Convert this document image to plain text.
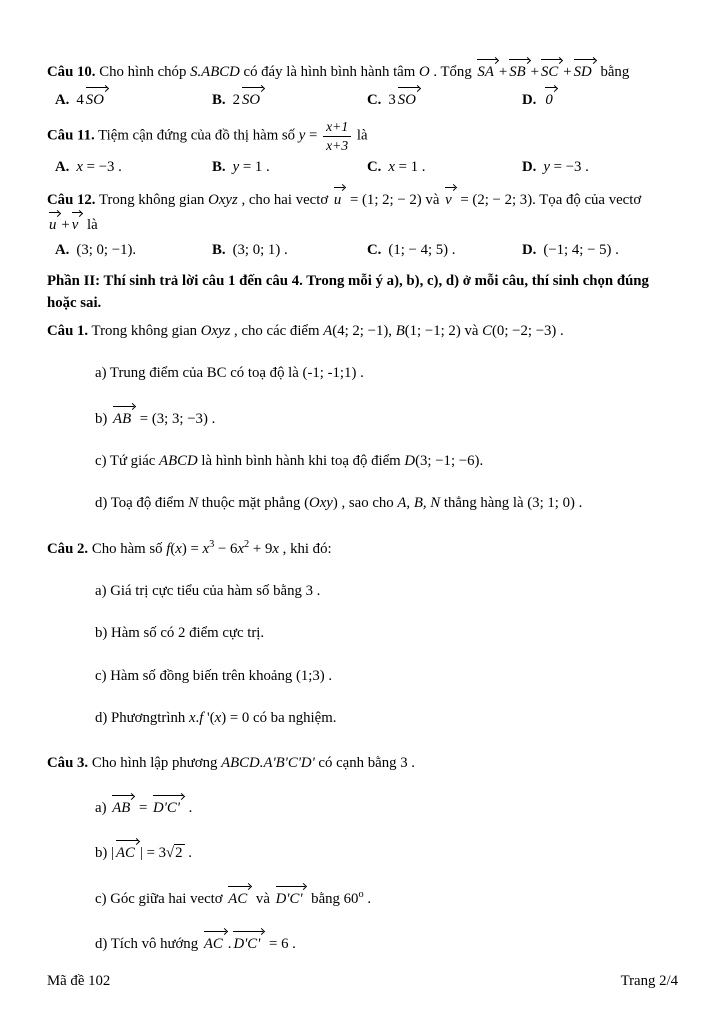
Câu 10. Cho hình chóp S.ABCD có đáy là hình bình hành tâm O . Tổng SA + SB + SC + SD bằng
A. 4 SO	B. 2 SO	C. 3 SO	D. 0
Câu 11. Tiệm cận đứng của đồ thị hàm số $y = \frac{x+1}{x+3}$ là
A. x = −3 .	B. y = 1 .	C. x = 1 .	D. y = −3 .
Câu 12. Trong không gian Oxyz , cho hai vectơ u = (1; 2; − 2) và v = (2; − 2; 3). Tọa độ của vectơ
u + v là
A. (3; 0; −1).	B. (3; 0; 1) .	C. (1; − 4; 5) .	D. (−1; 4; − 5) .
Phần II: Thí sinh trả lời câu 1 đến câu 4. Trong mỗi ý a), b), c), d) ở mỗi câu, thí sinh chọn đúng hoặc sai.
Câu 1. Trong không gian Oxyz , cho các điểm A(4; 2; −1), B(1; −1; 2) và C(0; −2; −3) .
a) Trung điểm của BC có toạ độ là (-1; -1;1) .
b) AB = (3; 3; −3) .
c) Tứ giác ABCD là hình bình hành khi toạ độ điểm D(3; −1; −6).
d) Toạ độ điểm N thuộc mặt phẳng (Oxy) , sao cho A, B, N thẳng hàng là (3; 1; 0) .
Câu 2. Cho hàm số $f(x) = x^3 - 6x^2 + 9x$ , khi đó:
a) Giá trị cực tiểu của hàm số bằng 3 .
b) Hàm số có 2 điểm cực trị.
c) Hàm số đồng biến trên khoảng (1;3) .
d) Phươngtrình x.f '(x) = 0 có ba nghiệm.
Câu 3. Cho hình lập phương ABCD.A'B'C'D' có cạnh bằng 3 .
a) AB = D'C' .
b) | AC | = 3√2 .
c) Góc giữa hai vectơ AC và D'C' bằng 60$^o$ .
d) Tích vô hướng AC . D'C' = 6 .
Mã đề 102	Trang 2/4
